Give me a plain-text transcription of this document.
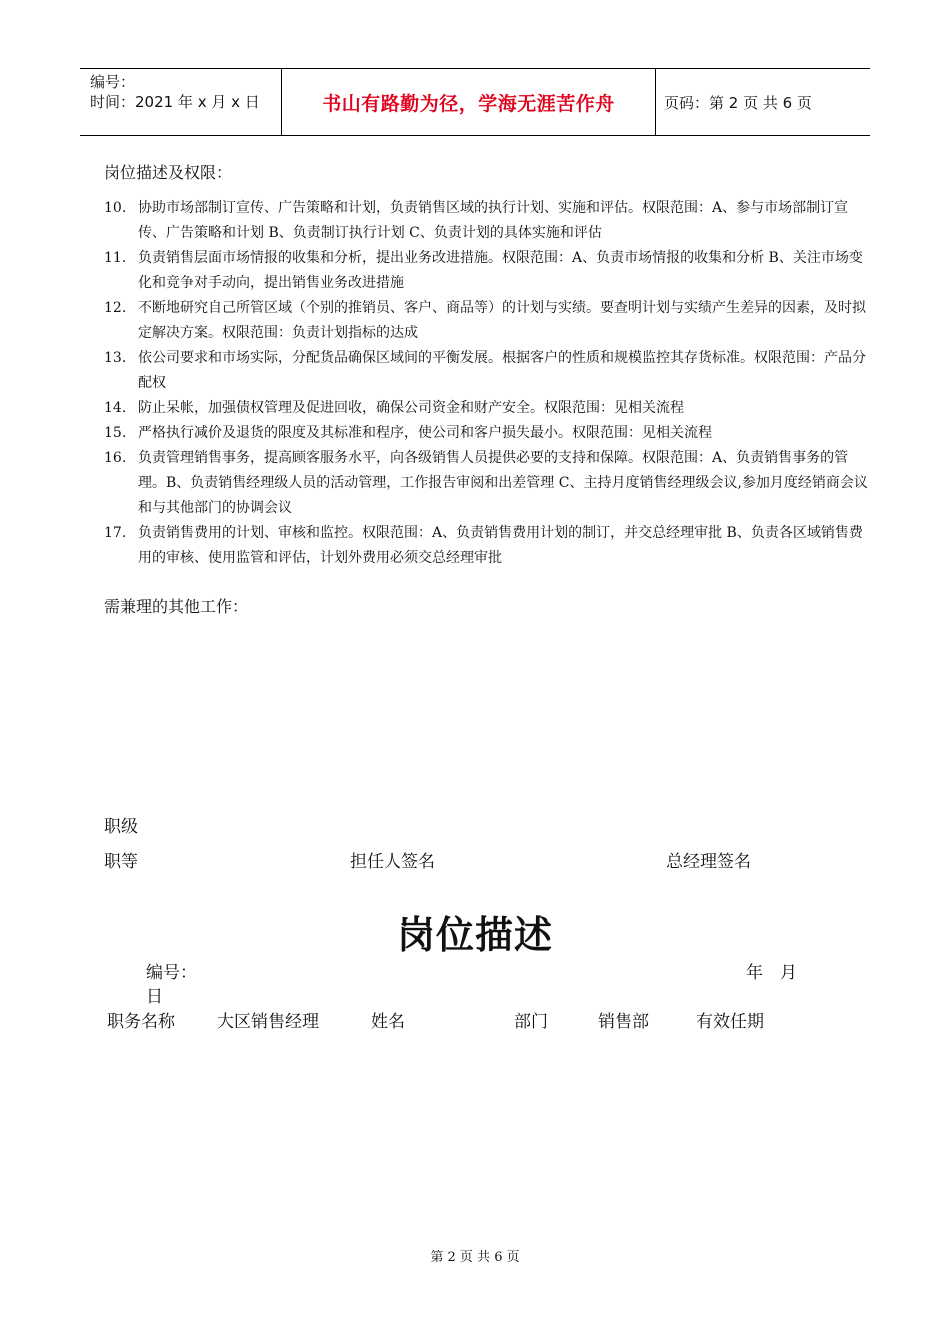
编号：
时间：2021 年 x 月 x 日	书山有路勤为径，学海无涯苦作舟	页码：第 2 页 共 6 页
岗位描述及权限：
10. 协助市场部制订宣传、广告策略和计划，负责销售区域的执行计划、实施和评估。权限范围：A、参与市场部制订宣传、广告策略和计划 B、负责制订执行计划 C、负责计划的具体实施和评估
11. 负责销售层面市场情报的收集和分析，提出业务改进措施。权限范围：A、负责市场情报的收集和分析 B、关注市场变化和竞争对手动向，提出销售业务改进措施
12. 不断地研究自己所管区域（个别的推销员、客户、商品等）的计划与实绩。要查明计划与实绩产生差异的因素，及时拟定解决方案。权限范围：负责计划指标的达成
13. 依公司要求和市场实际，分配货品确保区域间的平衡发展。根据客户的性质和规模监控其存货标准。权限范围：产品分配权
14. 防止呆帐，加强债权管理及促进回收，确保公司资金和财产安全。权限范围：见相关流程
15. 严格执行减价及退货的限度及其标准和程序，使公司和客户损失最小。权限范围：见相关流程
16. 负责管理销售事务，提高顾客服务水平，向各级销售人员提供必要的支持和保障。权限范围：A、负责销售事务的管理。B、负责销售经理级人员的活动管理，工作报告审阅和出差管理 C、主持月度销售经理级会议,参加月度经销商会议和与其他部门的协调会议
17. 负责销售费用的计划、审核和监控。权限范围：A、负责销售费用计划的制订，并交总经理审批 B、负责各区域销售费用的审核、使用监管和评估，计划外费用必须交总经理审批
需兼理的其他工作：
职级
职等	担任人签名	总经理签名
岗位描述
编号：	年　月
日
职务名称 大区销售经理	姓名	部门	销售部	有效任期
第 2 页 共 6 页
